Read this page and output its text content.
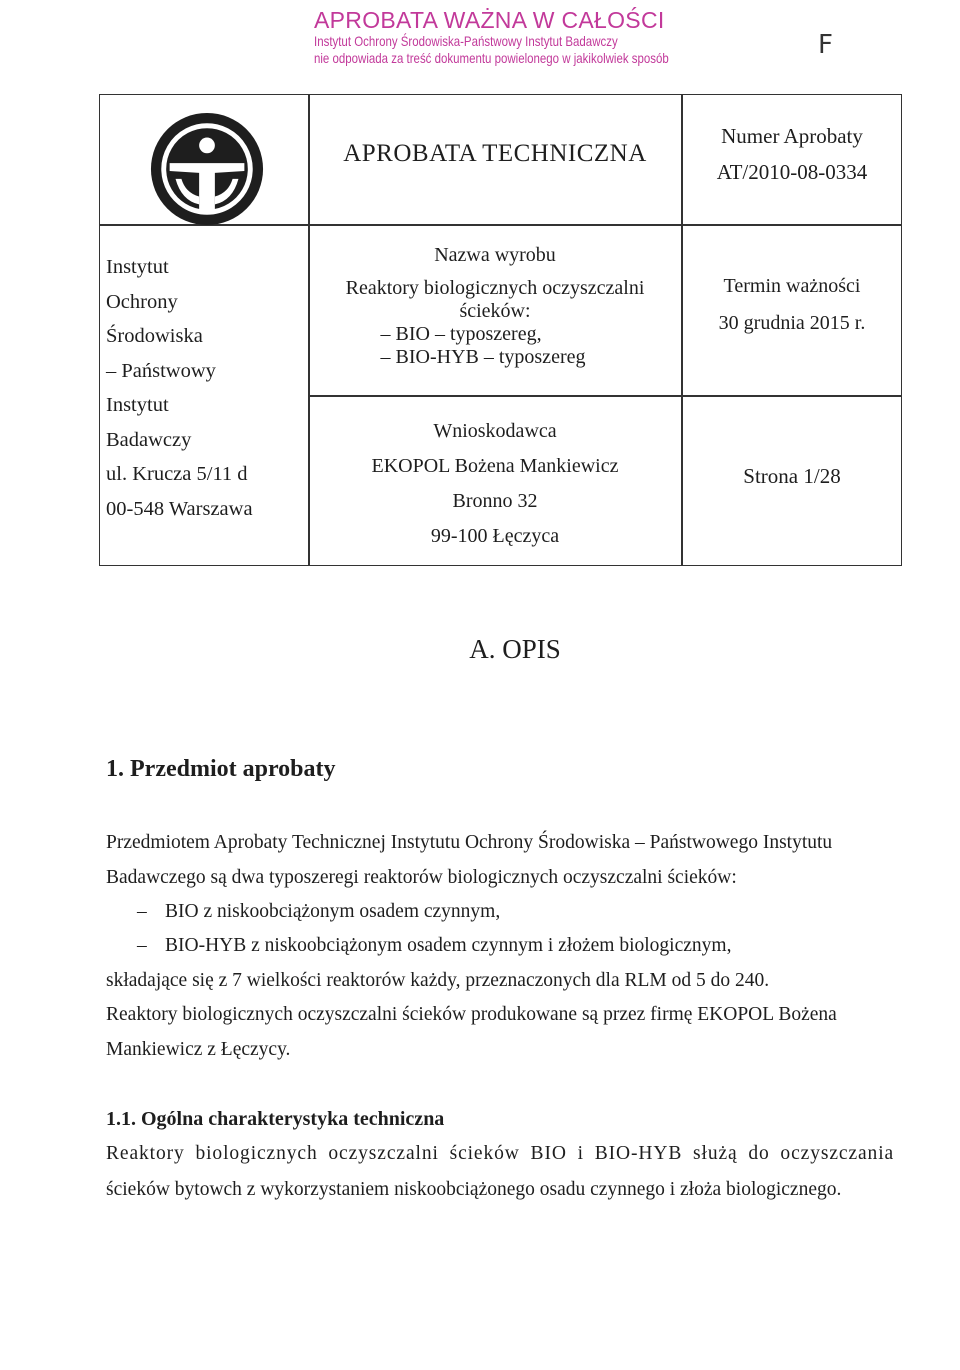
APROBATA WAŻNA W CAŁOŚCI
Instytut Ochrony Środowiska-Państwowy Instytut Badawczy
nie odpowiada za treść dokumentu powielonego w jakikolwiek sposób	F
APROBATA TECHNICZNA
Numer Aprobaty
AT/2010-08-0334
Instytut
Ochrony
Środowiska
– Państwowy
Instytut
Badawczy
ul. Krucza 5/11 d
00-548 Warszawa
Nazwa wyrobu
Reaktory biologicznych oczyszczalni
ścieków:
– BIO – typoszereg,
– BIO-HYB – typoszereg
Termin ważności
30 grudnia 2015 r.
Wnioskodawca
EKOPOL Bożena Mankiewicz
Bronno 32
99-100 Łęczyca
Strona 1/28
A. OPIS
1. Przedmiot aprobaty
Przedmiotem Aprobaty Technicznej Instytutu Ochrony Środowiska – Państwowego Instytutu
Badawczego są dwa typoszeregi reaktorów biologicznych oczyszczalni ścieków:
– BIO z niskoobciążonym osadem czynnym,
– BIO-HYB z niskoobciążonym osadem czynnym i złożem biologicznym,
składające się z 7 wielkości reaktorów każdy, przeznaczonych dla RLM od 5 do 240.
Reaktory biologicznych oczyszczalni ścieków produkowane są przez firmę EKOPOL Bożena
Mankiewicz z Łęczycy.
1.1. Ogólna charakterystyka techniczna
Reaktory biologicznych oczyszczalni ścieków BIO i BIO-HYB służą do oczyszczania
ścieków bytowch z wykorzystaniem niskoobciążonego osadu czynnego i złoża biologicznego.
